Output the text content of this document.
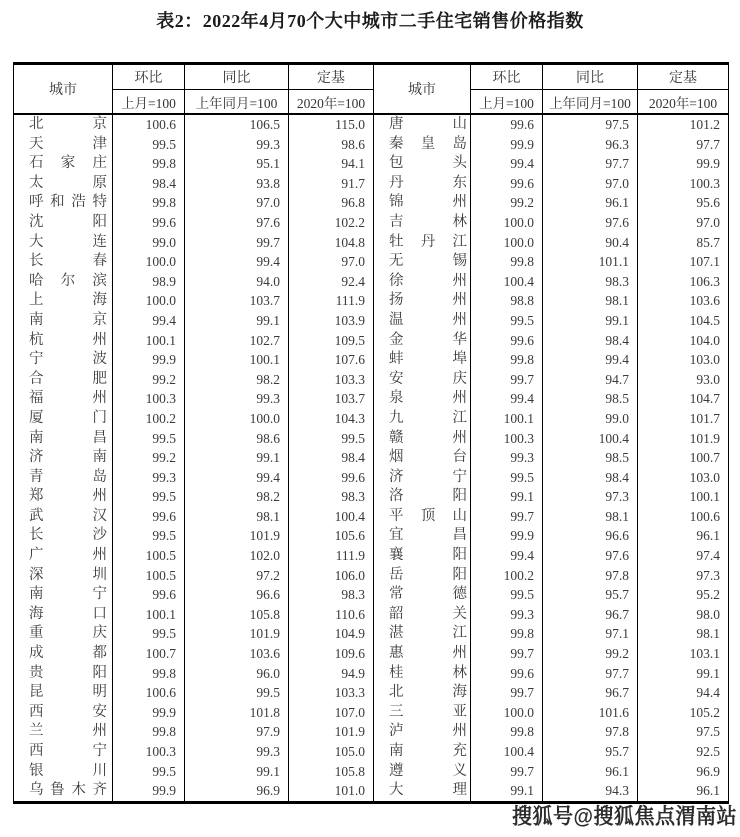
表2：2022年4月70个大中城市二手住宅销售价格指数
城市	环比	同比	定基	城市	环比	同比	定基
	上月=100	上年同月=100	2020年=100		上月=100	上年同月=100	2020年=100

北 京	100.6	106.5	115.0	唐 山	99.6	97.5	101.2

天 津	99.5	99.3	98.6	秦 皇 岛	99.9	96.3	97.7

石 家 庄	99.8	95.1	94.1	包 头	99.4	97.7	99.9

太 原	98.4	93.8	91.7	丹 东	99.6	97.0	100.3

呼 和 浩 特	99.8	97.0	96.8	锦 州	99.2	96.1	95.6

沈 阳	99.6	97.6	102.2	吉 林	100.0	97.6	97.0

大 连	99.0	99.7	104.8	牡 丹 江	100.0	90.4	85.7

长 春	100.0	99.4	97.0	无 锡	99.8	101.1	107.1

哈 尔 滨	98.9	94.0	92.4	徐 州	100.4	98.3	106.3

上 海	100.0	103.7	111.9	扬 州	98.8	98.1	103.6

南 京	99.4	99.1	103.9	温 州	99.5	99.1	104.5

杭 州	100.1	102.7	109.5	金 华	99.6	98.4	104.0

宁 波	99.9	100.1	107.6	蚌 埠	99.8	99.4	103.0

合 肥	99.2	98.2	103.3	安 庆	99.7	94.7	93.0

福 州	100.3	99.3	103.7	泉 州	99.4	98.5	104.7

厦 门	100.2	100.0	104.3	九 江	100.1	99.0	101.7

南 昌	99.5	98.6	99.5	赣 州	100.3	100.4	101.9

济 南	99.2	99.1	98.4	烟 台	99.3	98.5	100.7

青 岛	99.3	99.4	99.6	济 宁	99.5	98.4	103.0

郑 州	99.5	98.2	98.3	洛 阳	99.1	97.3	100.1

武 汉	99.6	98.1	100.4	平 顶 山	99.7	98.1	100.6

长 沙	99.5	101.9	105.6	宜 昌	99.9	96.6	96.1

广 州	100.5	102.0	111.9	襄 阳	99.4	97.6	97.4

深 圳	100.5	97.2	106.0	岳 阳	100.2	97.8	97.3

南 宁	99.6	96.6	98.3	常 德	99.5	95.7	95.2

海 口	100.1	105.8	110.6	韶 关	99.3	96.7	98.0

重 庆	99.5	101.9	104.9	湛 江	99.8	97.1	98.1

成 都	100.7	103.6	109.6	惠 州	99.7	99.2	103.1

贵 阳	99.8	96.0	94.9	桂 林	99.6	97.7	99.1

昆 明	100.6	99.5	103.3	北 海	99.7	96.7	94.4

西 安	99.9	101.8	107.0	三 亚	100.0	101.6	105.2

兰 州	99.8	97.9	101.9	泸 州	99.8	97.8	97.5

西 宁	100.3	99.3	105.0	南 充	100.4	95.7	92.5

银 川	99.5	99.1	105.8	遵 义	99.7	96.1	96.9

乌 鲁 木 齐	99.9	96.9	101.0	大 理	99.1	94.3	96.1
搜狐号@搜狐焦点渭南站
